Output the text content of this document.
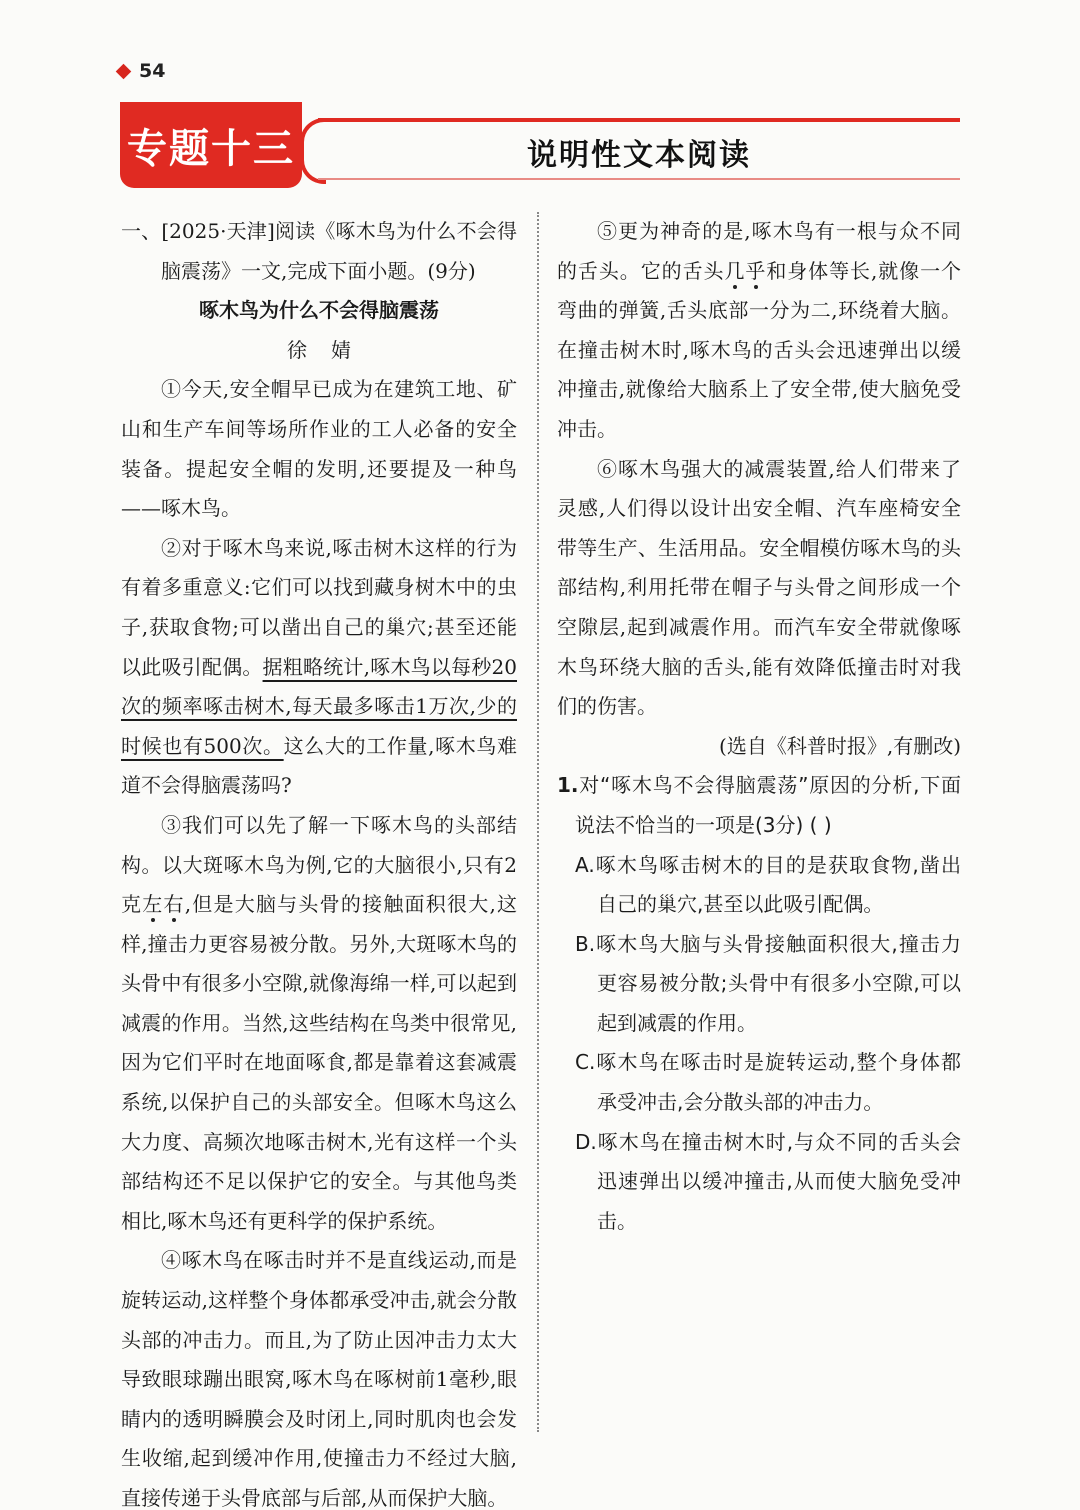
54
专题十三	说明性文本阅读

一、[2025·天津]阅读《啄木鸟为什么不会得脑震荡》一文,完成下面小题。(9分)

啄木鸟为什么不会得脑震荡

徐婧

①今天,安全帽早已成为在建筑工地、矿山和生产车间等场所作业的工人必备的安全装备。提起安全帽的发明,还要提及一种鸟——啄木鸟。

②对于啄木鸟来说,啄击树木这样的行为有着多重意义:它们可以找到藏身树木中的虫子,获取食物;可以凿出自己的巢穴;甚至还能以此吸引配偶。据粗略统计,啄木鸟以每秒20次的频率啄击树木,每天最多啄击1万次,少的时候也有500次。这么大的工作量,啄木鸟难道不会得脑震荡吗?

③我们可以先了解一下啄木鸟的头部结构。以大斑啄木鸟为例,它的大脑很小,只有2克左右,但是大脑与头骨的接触面积很大,这样,撞击力更容易被分散。另外,大斑啄木鸟的头骨中有很多小空隙,就像海绵一样,可以起到减震的作用。当然,这些结构在鸟类中很常见,因为它们平时在地面啄食,都是靠着这套减震系统,以保护自己的头部安全。但啄木鸟这么大力度、高频次地啄击树木,光有这样一个头部结构还不足以保护它的安全。与其他鸟类相比,啄木鸟还有更科学的保护系统。

④啄木鸟在啄击时并不是直线运动,而是旋转运动,这样整个身体都承受冲击,就会分散头部的冲击力。而且,为了防止因冲击力太大导致眼球蹦出眼窝,啄木鸟在啄树前1毫秒,眼睛内的透明瞬膜会及时闭上,同时肌肉也会发生收缩,起到缓冲作用,使撞击力不经过大脑,直接传递于头骨底部与后部,从而保护大脑。

⑤更为神奇的是,啄木鸟有一根与众不同的舌头。它的舌头几乎和身体等长,就像一个弯曲的弹簧,舌头底部一分为二,环绕着大脑。在撞击树木时,啄木鸟的舌头会迅速弹出以缓冲撞击,就像给大脑系上了安全带,使大脑免受冲击。

⑥啄木鸟强大的减震装置,给人们带来了灵感,人们得以设计出安全帽、汽车座椅安全带等生产、生活用品。安全帽模仿啄木鸟的头部结构,利用托带在帽子与头骨之间形成一个空隙层,起到减震作用。而汽车安全带就像啄木鸟环绕大脑的舌头,能有效降低撞击时对我们的伤害。

(选自《科普时报》,有删改)

1.对“啄木鸟不会得脑震荡”原因的分析,下面说法不恰当的一项是(3分) ( )

A.啄木鸟啄击树木的目的是获取食物,凿出自己的巢穴,甚至以此吸引配偶。

B.啄木鸟大脑与头骨接触面积很大,撞击力更容易被分散;头骨中有很多小空隙,可以起到减震的作用。

C.啄木鸟在啄击时是旋转运动,整个身体都承受冲击,会分散头部的冲击力。

D.啄木鸟在撞击树木时,与众不同的舌头会迅速弹出以缓冲撞击,从而使大脑免受冲击。
